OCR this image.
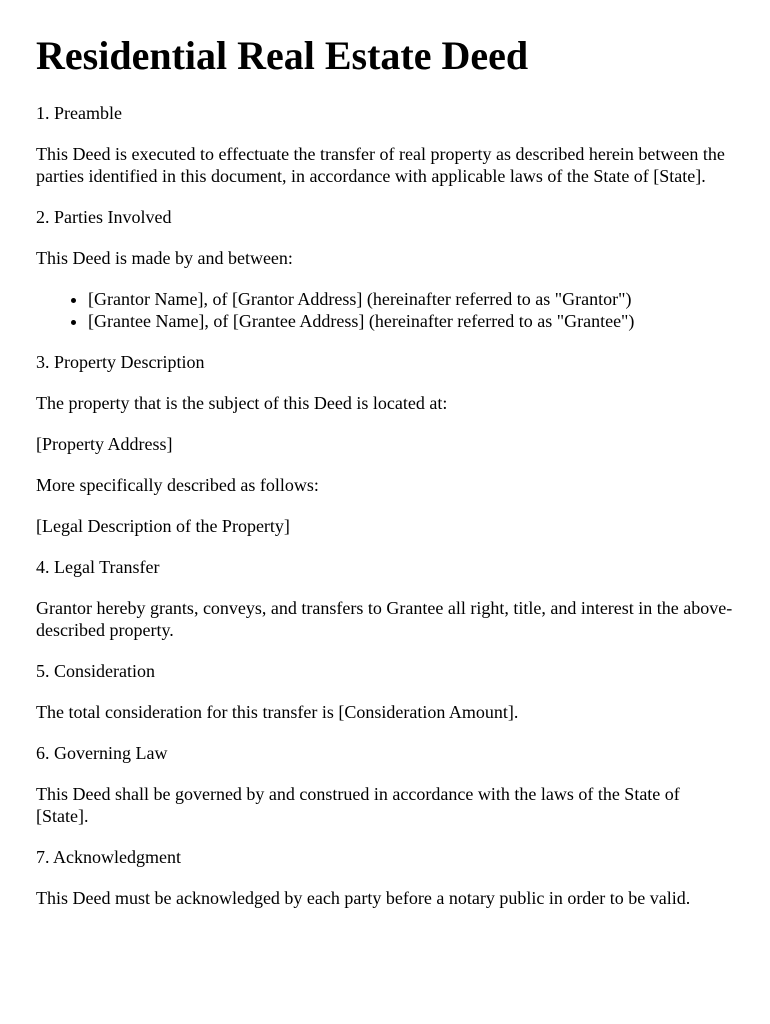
Residential Real Estate Deed

1. Preamble

This Deed is executed to effectuate the transfer of real property as described herein between the parties identified in this document, in accordance with applicable laws of the State of [State].

2. Parties Involved

This Deed is made by and between:

• [Grantor Name], of [Grantor Address] (hereinafter referred to as "Grantor")
• [Grantee Name], of [Grantee Address] (hereinafter referred to as "Grantee")

3. Property Description

The property that is the subject of this Deed is located at:

[Property Address]

More specifically described as follows:

[Legal Description of the Property]

4. Legal Transfer

Grantor hereby grants, conveys, and transfers to Grantee all right, title, and interest in the above-described property.

5. Consideration

The total consideration for this transfer is [Consideration Amount].

6. Governing Law

This Deed shall be governed by and construed in accordance with the laws of the State of [State].

7. Acknowledgment

This Deed must be acknowledged by each party before a notary public in order to be valid.
